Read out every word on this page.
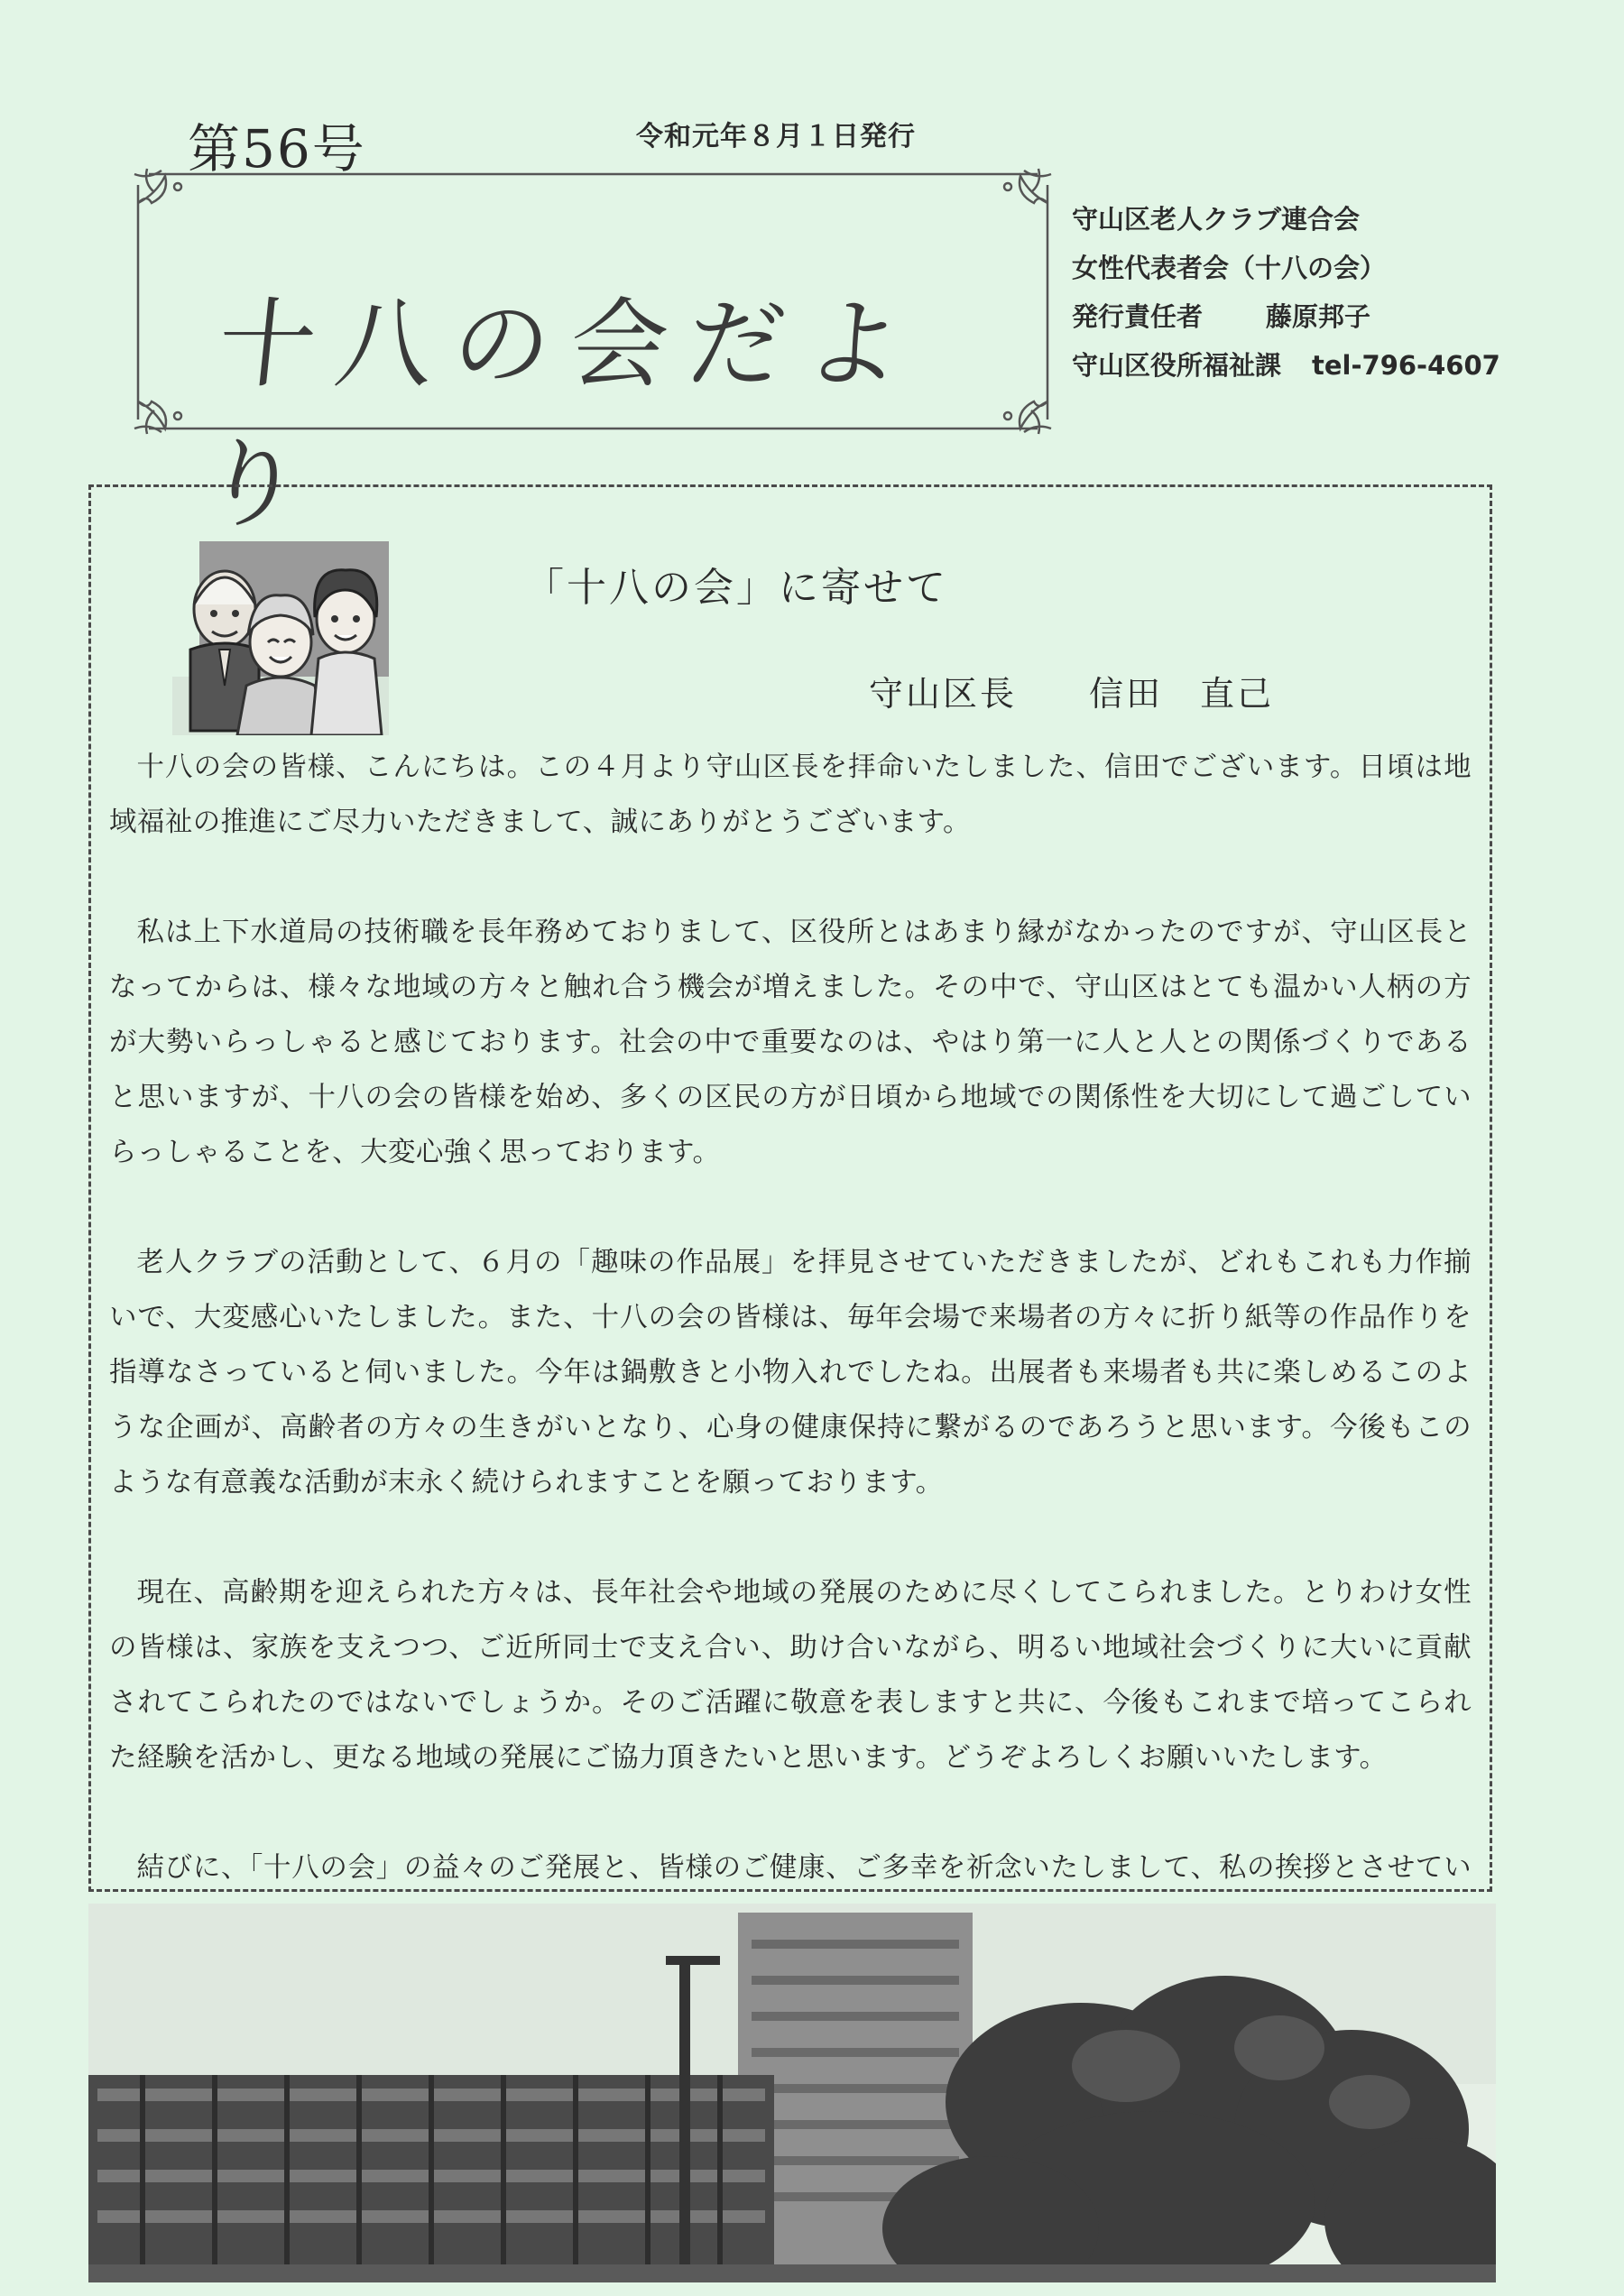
第56号	令和元年８月１日発行
十八の会だより
守山区老人クラブ連合会
女性代表者会（十八の会）
発行責任者 藤原邦子
守山区役所福祉課 tel‑796‑4607
「十八の会」に寄せて
守山区長 信田　直己

十八の会の皆様、こんにちは。この４月より守山区長を拝命いたしました、信田でございます。日頃は地域福祉の推進にご尽力いただきまして、誠にありがとうございます。

私は上下水道局の技術職を長年務めておりまして、区役所とはあまり縁がなかったのですが、守山区長となってからは、様々な地域の方々と触れ合う機会が増えました。その中で、守山区はとても温かい人柄の方が大勢いらっしゃると感じております。社会の中で重要なのは、やはり第一に人と人との関係づくりであると思いますが、十八の会の皆様を始め、多くの区民の方が日頃から地域での関係性を大切にして過ごしていらっしゃることを、大変心強く思っております。

老人クラブの活動として、６月の「趣味の作品展」を拝見させていただきましたが、どれもこれも力作揃いで、大変感心いたしました。また、十八の会の皆様は、毎年会場で来場者の方々に折り紙等の作品作りを指導なさっていると伺いました。今年は鍋敷きと小物入れでしたね。出展者も来場者も共に楽しめるこのような企画が、高齢者の方々の生きがいとなり、心身の健康保持に繋がるのであろうと思います。今後もこのような有意義な活動が末永く続けられますことを願っております。

現在、高齢期を迎えられた方々は、長年社会や地域の発展のために尽くしてこられました。とりわけ女性の皆様は、家族を支えつつ、ご近所同士で支え合い、助け合いながら、明るい地域社会づくりに大いに貢献されてこられたのではないでしょうか。そのご活躍に敬意を表しますと共に、今後もこれまで培ってこられた経験を活かし、更なる地域の発展にご協力頂きたいと思います。どうぞよろしくお願いいたします。

結びに、「十八の会」の益々のご発展と、皆様のご健康、ご多幸を祈念いたしまして、私の挨拶とさせてい
